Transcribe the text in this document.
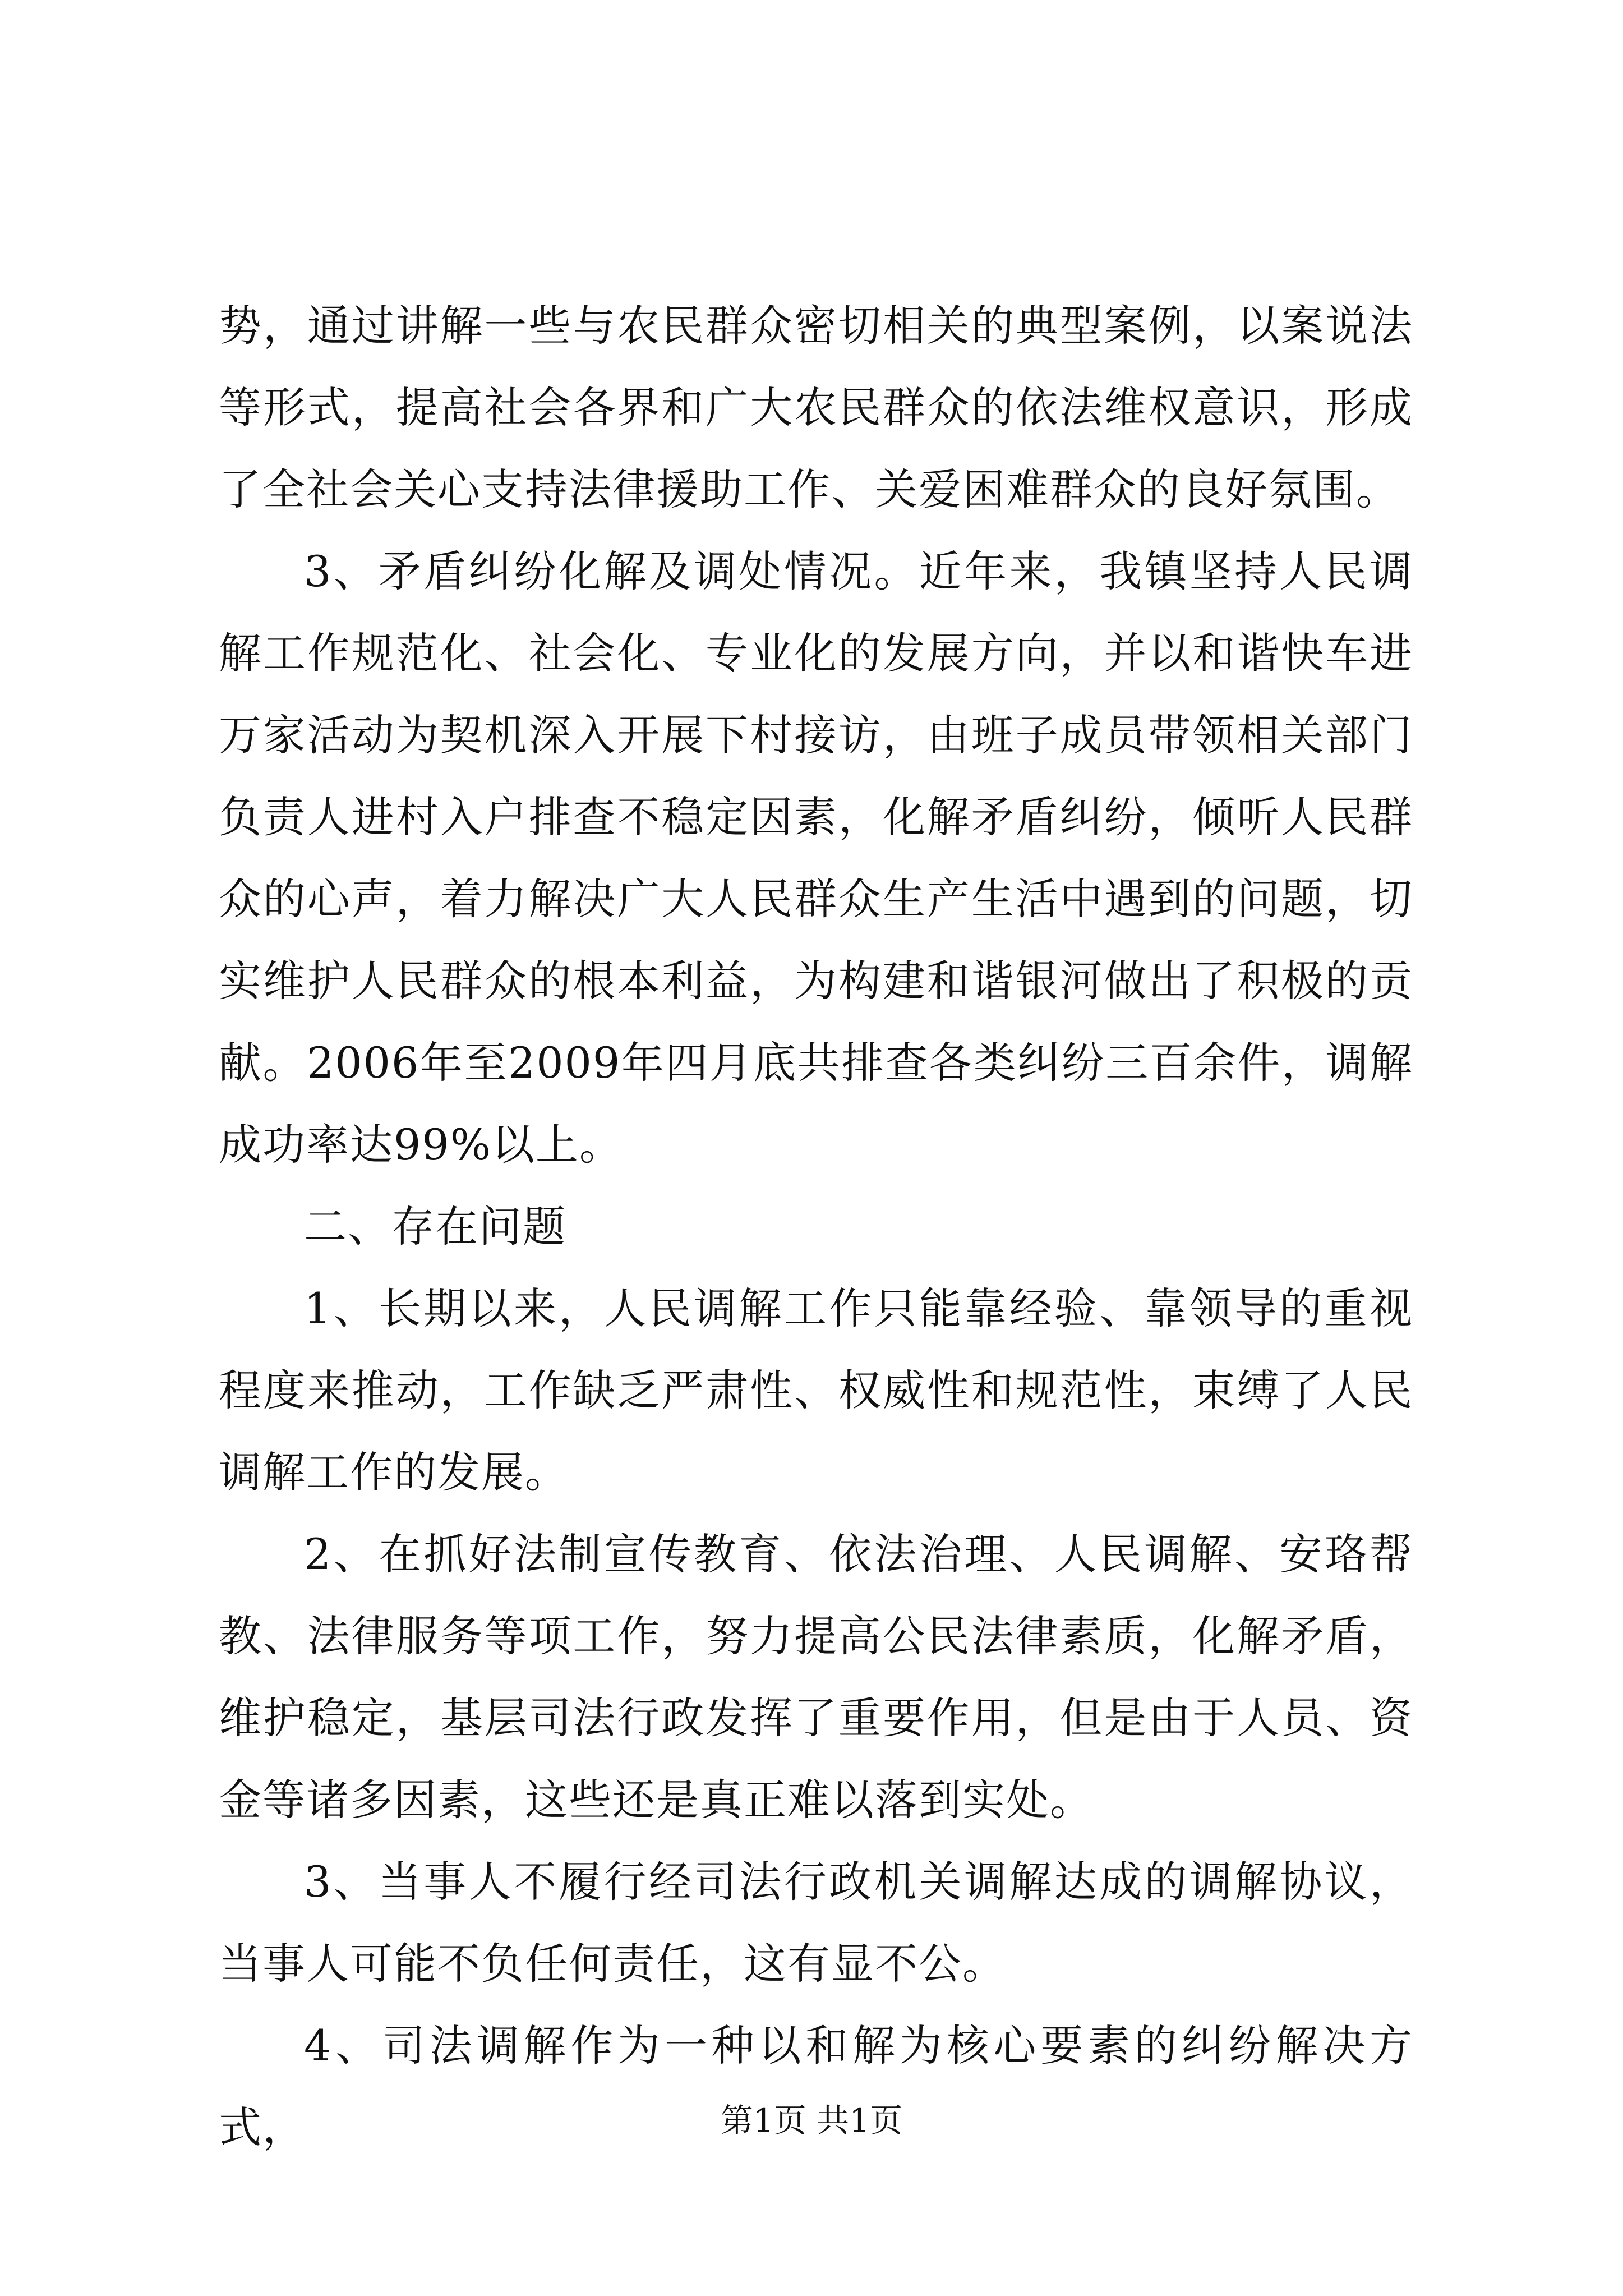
势，通过讲解一些与农民群众密切相关的典型案例，以案说法等形式，提高社会各界和广大农民群众的依法维权意识，形成了全社会关心支持法律援助工作、关爱困难群众的良好氛围。

3、矛盾纠纷化解及调处情况。近年来，我镇坚持人民调解工作规范化、社会化、专业化的发展方向，并以和谐快车进万家活动为契机深入开展下村接访，由班子成员带领相关部门负责人进村入户排查不稳定因素，化解矛盾纠纷，倾听人民群众的心声，着力解决广大人民群众生产生活中遇到的问题，切实维护人民群众的根本利益，为构建和谐银河做出了积极的贡献。2006年至2009年四月底共排查各类纠纷三百余件，调解成功率达99%以上。

二、存在问题

1、长期以来，人民调解工作只能靠经验、靠领导的重视程度来推动，工作缺乏严肃性、权威性和规范性，束缚了人民调解工作的发展。

2、在抓好法制宣传教育、依法治理、人民调解、安珞帮教、法律服务等项工作，努力提高公民法律素质，化解矛盾，维护稳定，基层司法行政发挥了重要作用，但是由于人员、资金等诸多因素，这些还是真正难以落到实处。

3、当事人不履行经司法行政机关调解达成的调解协议，当事人可能不负任何责任，这有显不公。

4、司法调解作为一种以和解为核心要素的纠纷解决方式，	第1页 共1页
